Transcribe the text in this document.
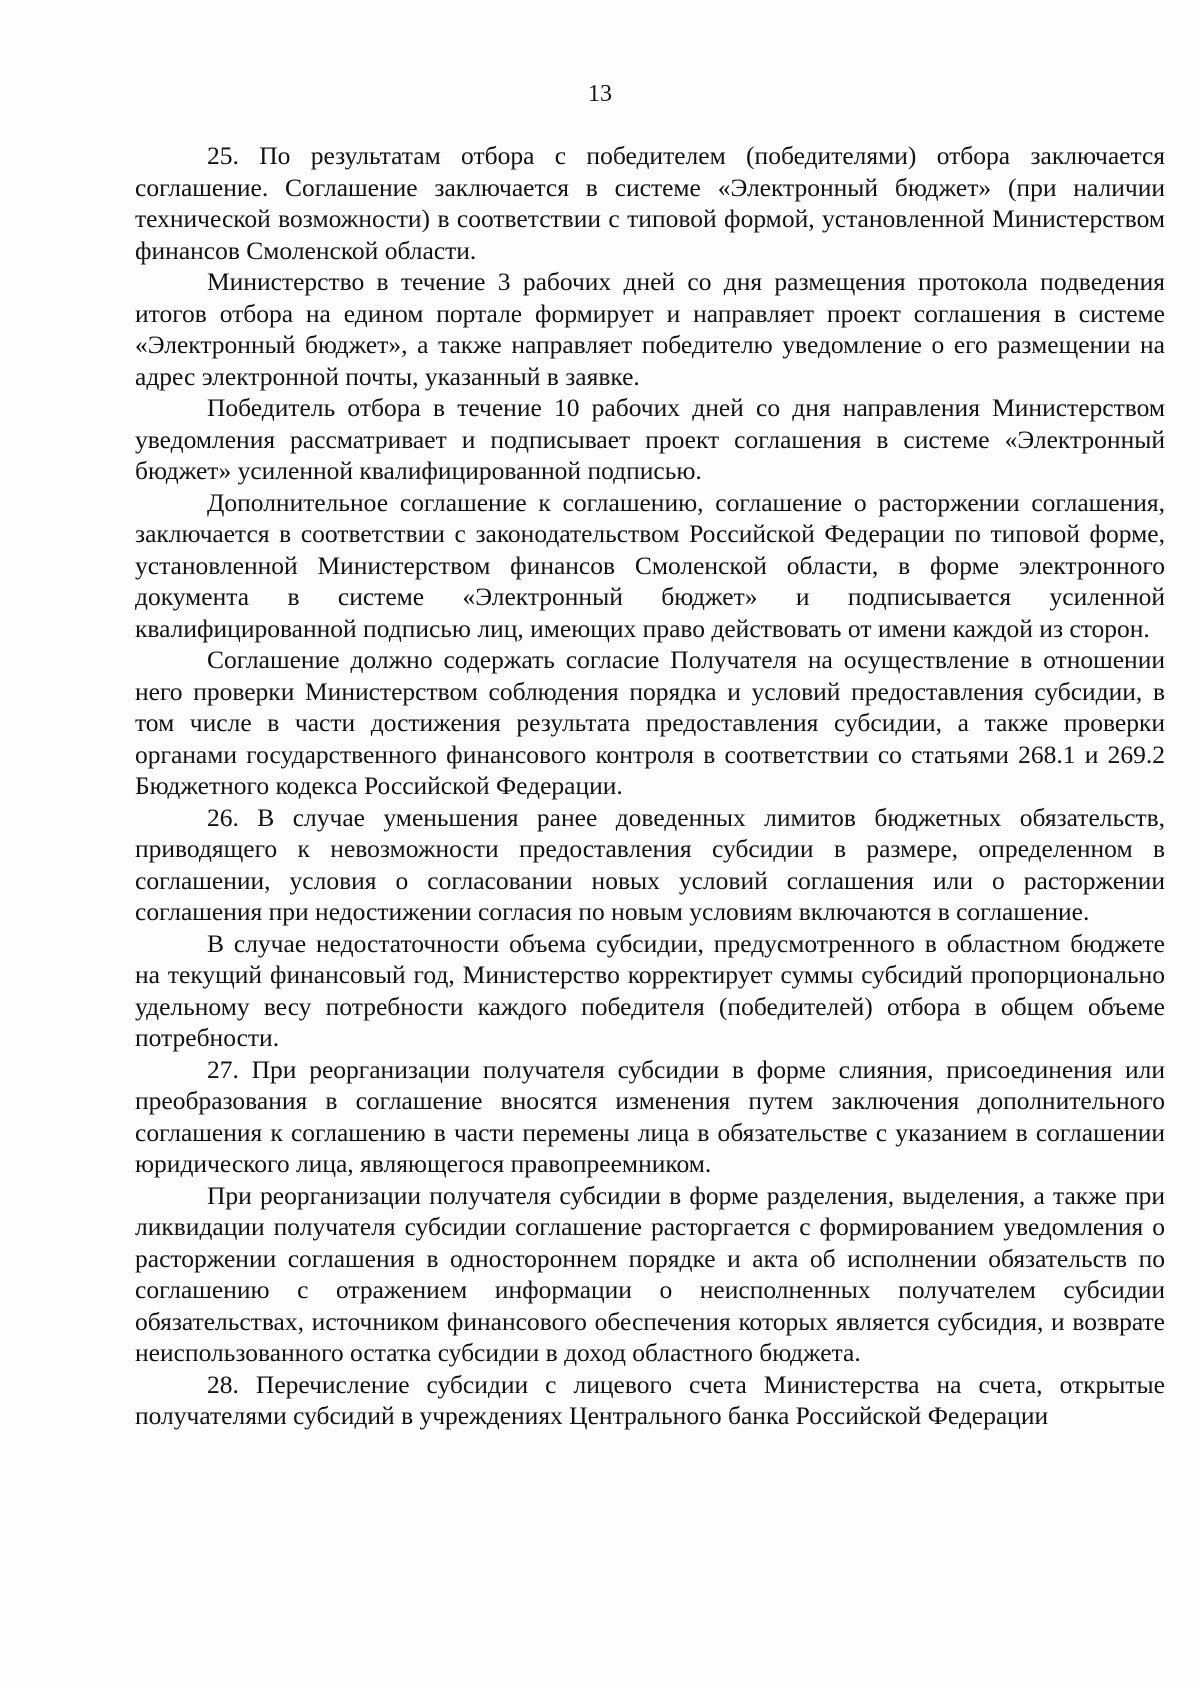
13

25. По результатам отбора с победителем (победителями) отбора заключается соглашение. Соглашение заключается в системе «Электронный бюджет» (при наличии технической возможности) в соответствии с типовой формой, установленной Министерством финансов Смоленской области.

Министерство в течение 3 рабочих дней со дня размещения протокола подведения итогов отбора на едином портале формирует и направляет проект соглашения в системе «Электронный бюджет», а также направляет победителю уведомление о его размещении на адрес электронной почты, указанный в заявке.

Победитель отбора в течение 10 рабочих дней со дня направления Министерством уведомления рассматривает и подписывает проект соглашения в системе «Электронный бюджет» усиленной квалифицированной подписью.

Дополнительное соглашение к соглашению, соглашение о расторжении соглашения, заключается в соответствии с законодательством Российской Федерации по типовой форме, установленной Министерством финансов Смоленской области, в форме электронного документа в системе «Электронный бюджет» и подписывается усиленной квалифицированной подписью лиц, имеющих право действовать от имени каждой из сторон.

Соглашение должно содержать согласие Получателя на осуществление в отношении него проверки Министерством соблюдения порядка и условий предоставления субсидии, в том числе в части достижения результата предоставления субсидии, а также проверки органами государственного финансового контроля в соответствии со статьями 268.1 и 269.2 Бюджетного кодекса Российской Федерации.

26. В случае уменьшения ранее доведенных лимитов бюджетных обязательств, приводящего к невозможности предоставления субсидии в размере, определенном в соглашении, условия о согласовании новых условий соглашения или о расторжении соглашения при недостижении согласия по новым условиям включаются в соглашение.

В случае недостаточности объема субсидии, предусмотренного в областном бюджете на текущий финансовый год, Министерство корректирует суммы субсидий пропорционально удельному весу потребности каждого победителя (победителей) отбора в общем объеме потребности.

27. При реорганизации получателя субсидии в форме слияния, присоединения или преобразования в соглашение вносятся изменения путем заключения дополнительного соглашения к соглашению в части перемены лица в обязательстве с указанием в соглашении юридического лица, являющегося правопреемником.

При реорганизации получателя субсидии в форме разделения, выделения, а также при ликвидации получателя субсидии соглашение расторгается с формированием уведомления о расторжении соглашения в одностороннем порядке и акта об исполнении обязательств по соглашению с отражением информации о неисполненных получателем субсидии обязательствах, источником финансового обеспечения которых является субсидия, и возврате неиспользованного остатка субсидии в доход областного бюджета.

28. Перечисление субсидии с лицевого счета Министерства на счета, открытые получателями субсидий в учреждениях Центрального банка Российской Федерации
